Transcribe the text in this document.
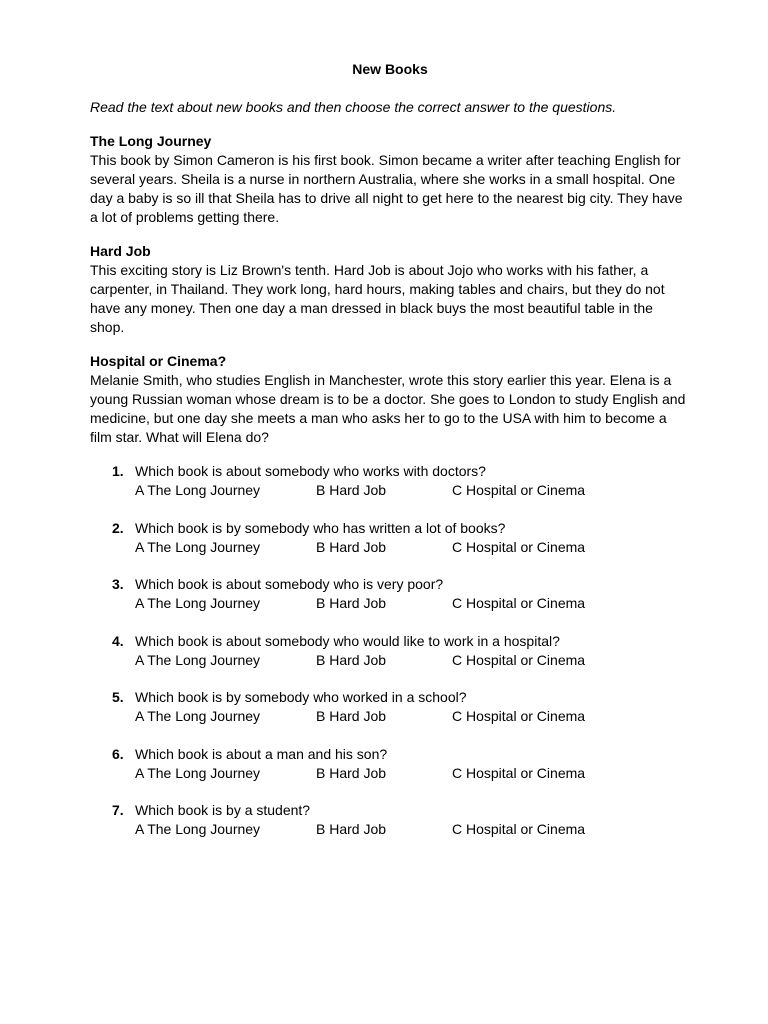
New Books

Read the text about new books and then choose the correct answer to the questions.

The Long Journey

This book by Simon Cameron is his first book. Simon became a writer after teaching English for several years. Sheila is a nurse in northern Australia, where she works in a small hospital. One day a baby is so ill that Sheila has to drive all night to get here to the nearest big city. They have a lot of problems getting there.

Hard Job

This exciting story is Liz Brown's tenth. Hard Job is about Jojo who works with his father, a carpenter, in Thailand. They work long, hard hours, making tables and chairs, but they do not have any money. Then one day a man dressed in black buys the most beautiful table in the shop.

Hospital or Cinema?

Melanie Smith, who studies English in Manchester, wrote this story earlier this year. Elena is a young Russian woman whose dream is to be a doctor. She goes to London to study English and medicine, but one day she meets a man who asks her to go to the USA with him to become a film star. What will Elena do?

1. Which book is about somebody who works with doctors?
A The Long Journey	B Hard Job	C Hospital or Cinema
2. Which book is by somebody who has written a lot of books?
A The Long Journey	B Hard Job	C Hospital or Cinema
3. Which book is about somebody who is very poor?
A The Long Journey	B Hard Job	C Hospital or Cinema
4. Which book is about somebody who would like to work in a hospital?
A The Long Journey	B Hard Job	C Hospital or Cinema
5. Which book is by somebody who worked in a school?
A The Long Journey	B Hard Job	C Hospital or Cinema
6. Which book is about a man and his son?
A The Long Journey	B Hard Job	C Hospital or Cinema
7. Which book is by a student?
A The Long Journey	B Hard Job	C Hospital or Cinema
